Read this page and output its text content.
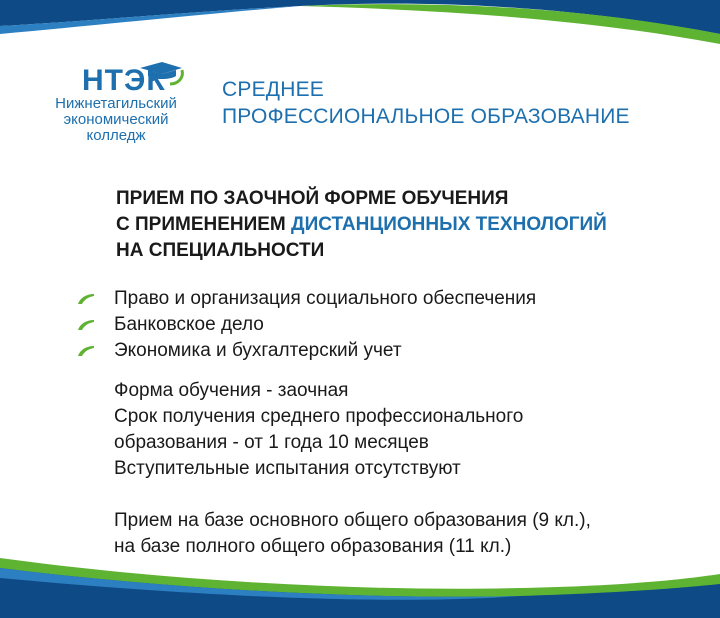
НТЭК
Нижнетагильский
экономический
колледж
СРЕДНЕЕ
ПРОФЕССИОНАЛЬНОЕ ОБРАЗОВАНИЕ
ПРИЕМ ПО ЗАОЧНОЙ ФОРМЕ ОБУЧЕНИЯ
С ПРИМЕНЕНИЕМ ДИСТАНЦИОННЫХ ТЕХНОЛОГИЙ
НА СПЕЦИАЛЬНОСТИ
Право и организация социального обеспечения
Банковское дело
Экономика и бухгалтерский учет
Форма обучения - заочная
Срок получения среднего профессионального
образования - от 1 года 10 месяцев
Вступительные испытания отсутствуют
Прием на базе основного общего образования (9 кл.),
на базе полного общего образования (11 кл.)
